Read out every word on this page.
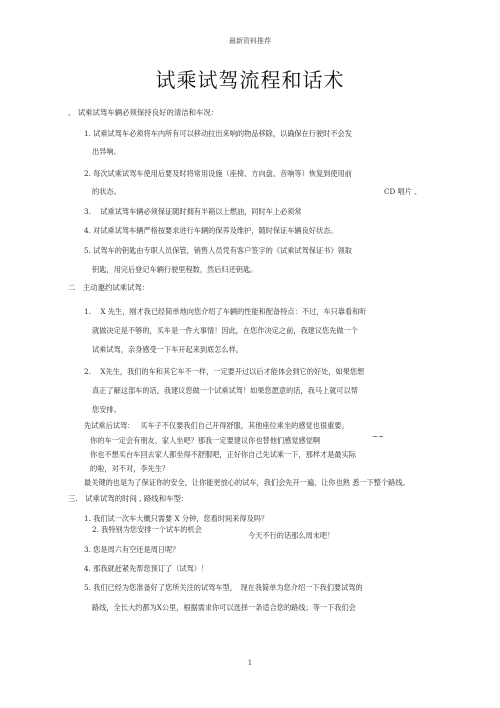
最新资料推荐
试乘试驾流程和话术
、 试乘试驾车辆必须保持良好的清洁和车况：
1. 试乘试驾车必须将车内所有可以移动拉出来响的物品移除，以确保在行驶时不会发
出异响。
2. 每次试乘试驾车使用后要及时将常用设施（座椅、方向盘、音响等）恢复到使用前
的状态。	CD 唱片 、
3.　 试乘试驾车辆必须保证随时拥有半箱以上燃油，同时车上必须常
4. 对试乘试驾车辆严格按要求进行车辆的保养及维护，随时保证车辆良好状态。
5. 试驾车的钥匙由专职人员保管，销售人员凭有客户签字的《试乘试驾保证书》领取
钥匙，用完后登记车辆行驶里程数，然后归还钥匙。
二　主动邀约试乘试驾：
1.　 X 先生，刚才我已经简单地向您介绍了车辆的性能和配备特点：不过，车只靠看和听
就做决定是不够的，买车是一件大事情！因此，在您作决定之前，我建议您先做一个
试乘试驾，亲身感受一下车开起来到底怎么样。
2.　 X先生，我们的车和其它车不一样，一定要开过以后才能体会到它的好处，如果您想
真正了解这部车的话，我建议您做一个试乘试驾！如果您愿意的话，我马上就可以帮
您安排。
先试乘后试驾：　 买车子不仅要我们自己开得舒服，其他座位乘坐的感觉也很重要。
你的车一定会有朋友、家人坐吧？那我一定要建议你也替他们感觉感觉啊	~~
你也不想买台车回去家人都坐得不舒服吧，正好你自己先试乘一下，那样才是最实际
的啦，对不对，李先生？
最关键的也是为了保证你的安全，让你能更放心的试车，我们会先开一遍，让你也熟 悉一下整个路线。
三.　试乘试驾的时间 , 路线和车型：
1. 我们试一次车大概只需要 X 分钟，您看时间来得及吗？
2. 我特别为您安排一个试车的机会
今天不行的话那么周末吧！
3. 您是周六有空还是周日呢？
4. 那我就赶紧先帮您预订了（试驾）！
5. 我们已经为您准备好了您所关注的试驾车型，　现在我简单为您介绍一下我们要试驾的
路线，全长大约都为X公里，根据需求你可以选择一条适合您的路线；等一下我们会
1
